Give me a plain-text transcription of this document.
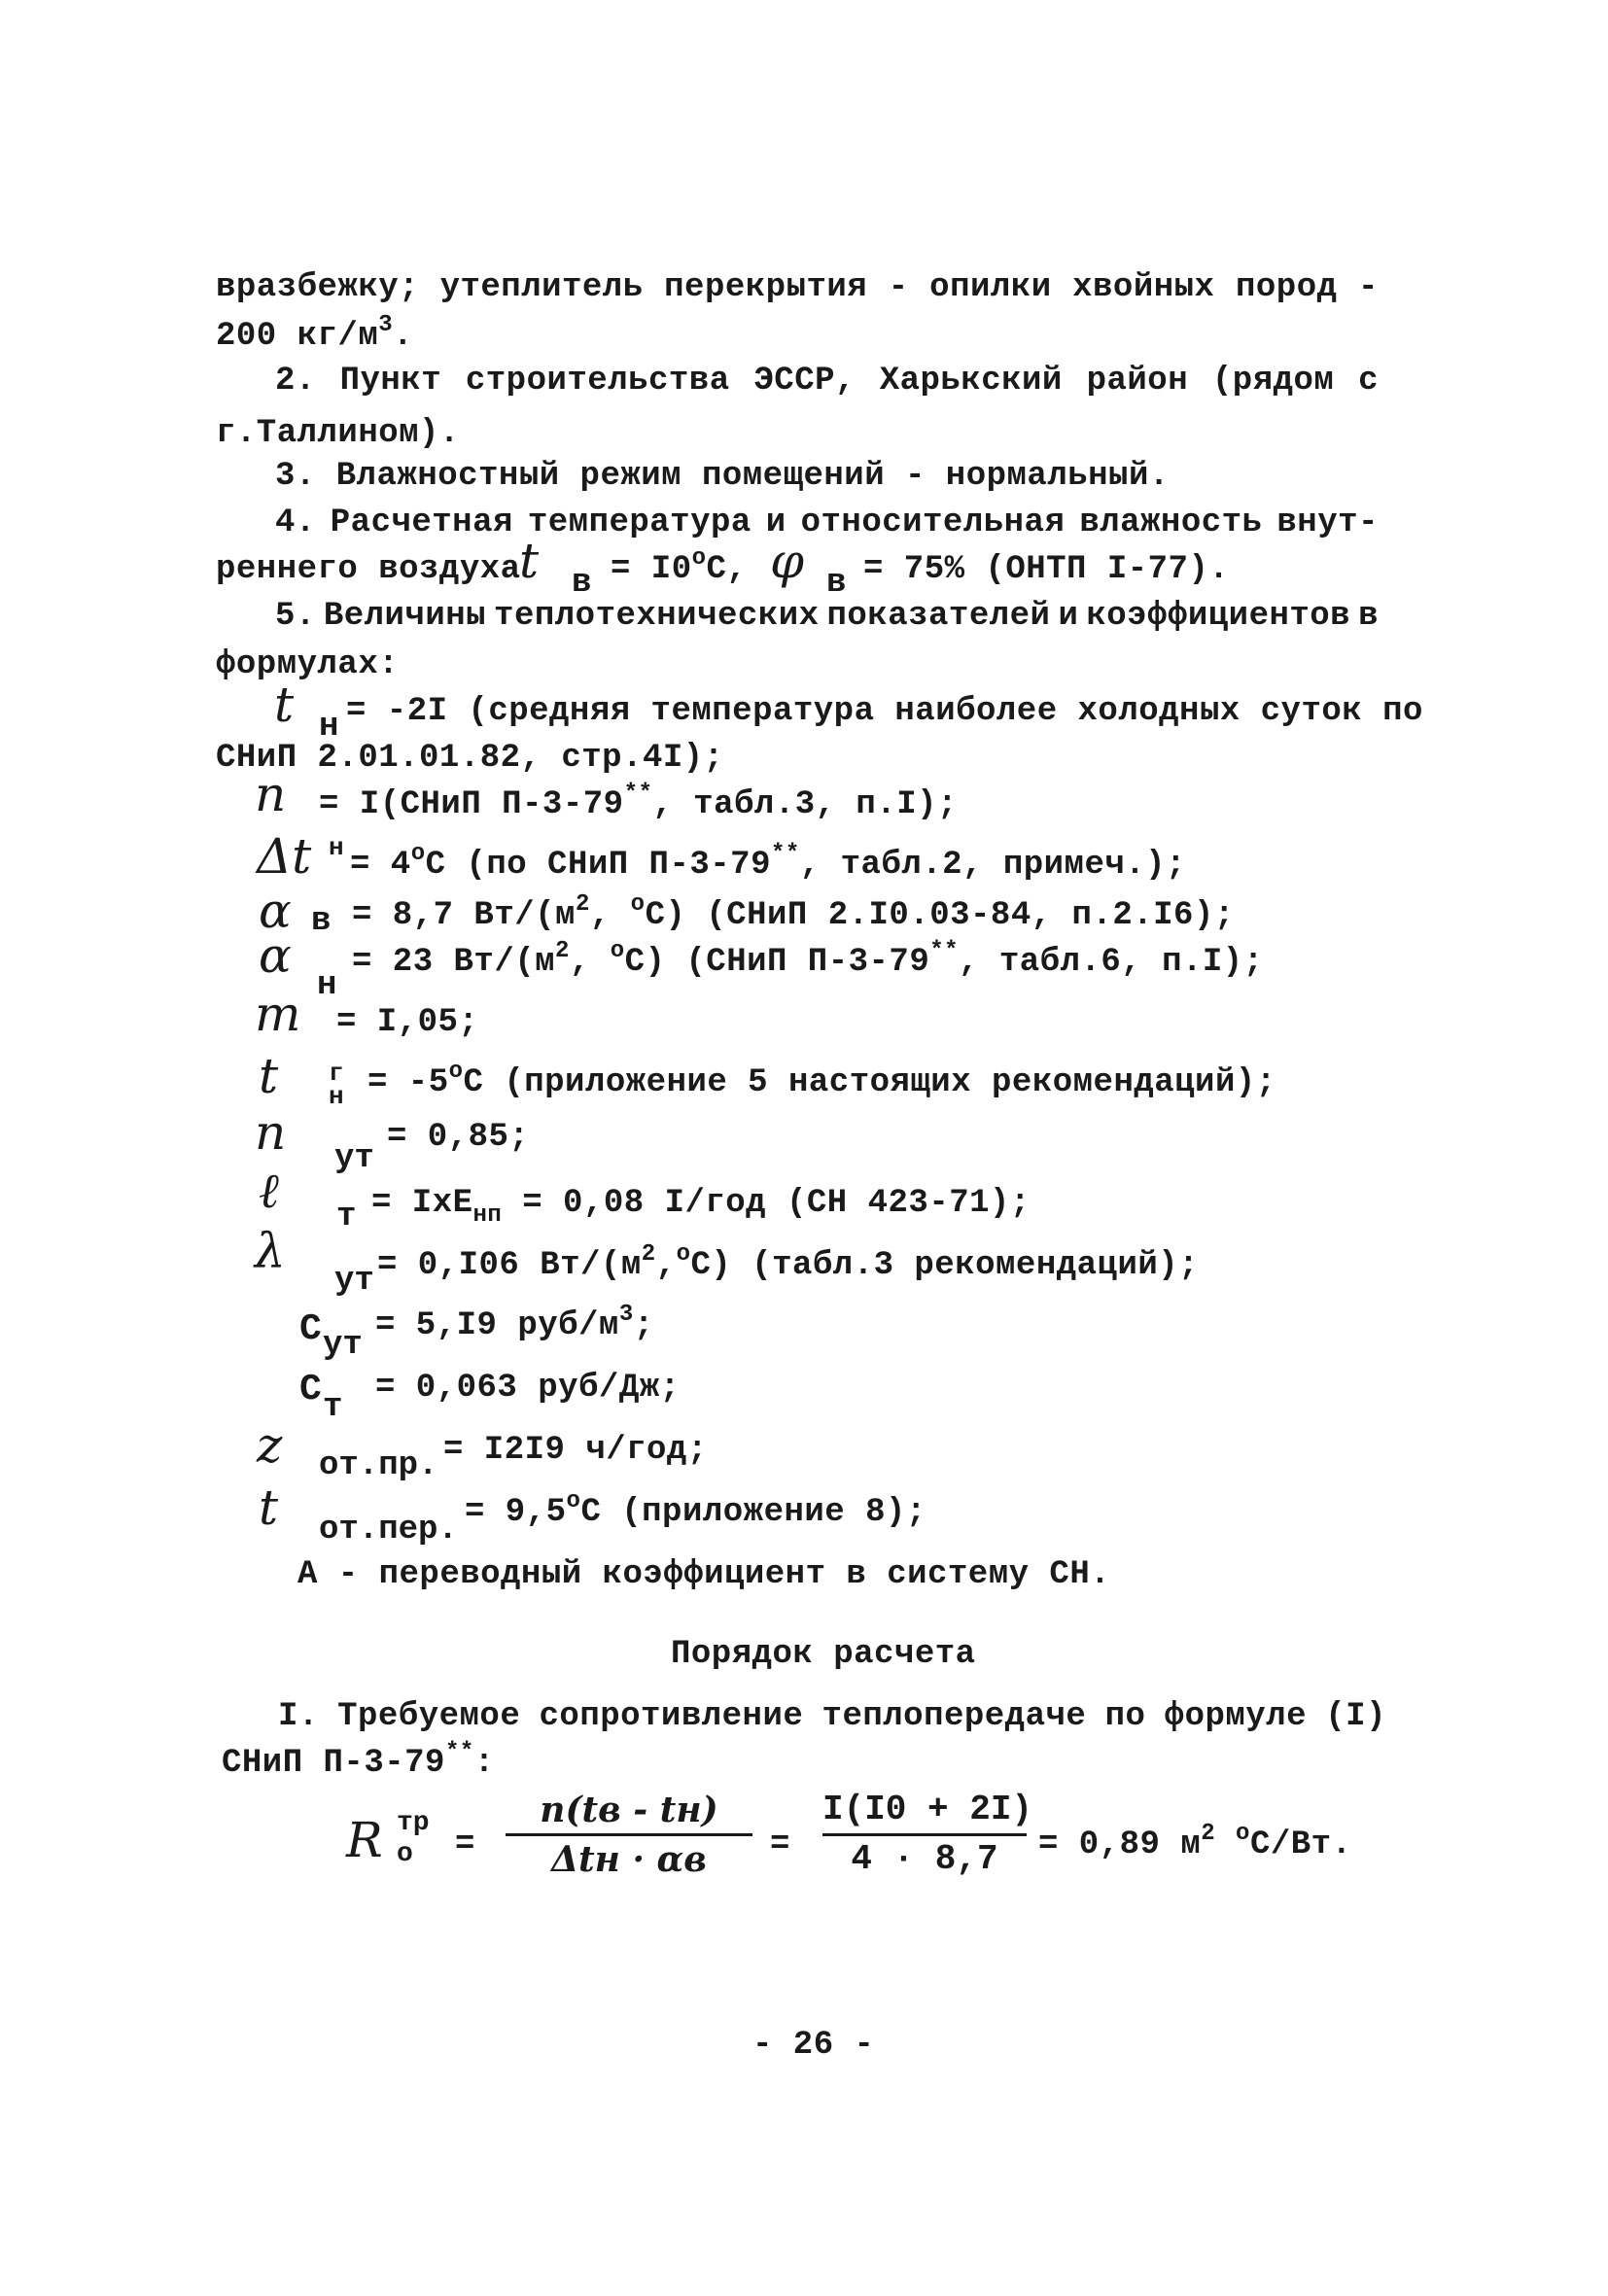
вразбежку; утеплитель перекрытия - опилки хвойных пород -
200 $кг/м^3$.
2. Пункт строительства ЭССР, Харькский район (рядом с
г.Таллином).
3. Влажностный режим помещений - нормальный.
4. Расчетная температура и относительная влажность внут-
реннего воздуха
t $в = I0^oC$, φ в = 75% (ОНТП I-77).
5. Величины теплотехнических показателей и коэффициентов в
формулах:
t н = -2I (средняя температура наиболее холодных суток по
СНиП 2.01.01.82, стр.4I);
n = I(СНиП П-3-79**, табл.3, п.I);
Δt $н = 4^oC$ (по СНиП П-3-79**, табл.2, примеч.);
α в = 8,7 $Вт/(м^2$, $^o$C) (СНиП 2.I0.03-84, п.2.I6);
α
н
= 23 $Вт/(м^2$, $^o$C) (СНиП П-3-79**, табл.6, п.I);
m = I,05;
t г
$н = -5^oC$ (приложение 5 настоящих рекомендаций);
n ут
= 0,85;
ℓ т = IxE$_{нп}$ = 0,08 I/год (СН 423-71);
λ
ут = 0,I06 $Вт/(м^2,^oC)$ (табл.3 рекомендаций);
C ут
= 5,I9 руб/$м^3$;
C т
= 0,063 руб/Дж;
z от.пр. = I2I9 ч/год;
t от.пер. = $9,5^oC$ (приложение 8);
A - переводный коэффициент в систему СН.
Порядок расчета
I. Требуемое сопротивление теплопередаче по формуле (I)
СНиП П-3-79**:
R тр
о =
n(tв - tн)
Δtн · αв	=
I(I0 + 2I)
4 · 8,7	= 0,89 $м^2$ $^o$C/Вт.
- 26 -
